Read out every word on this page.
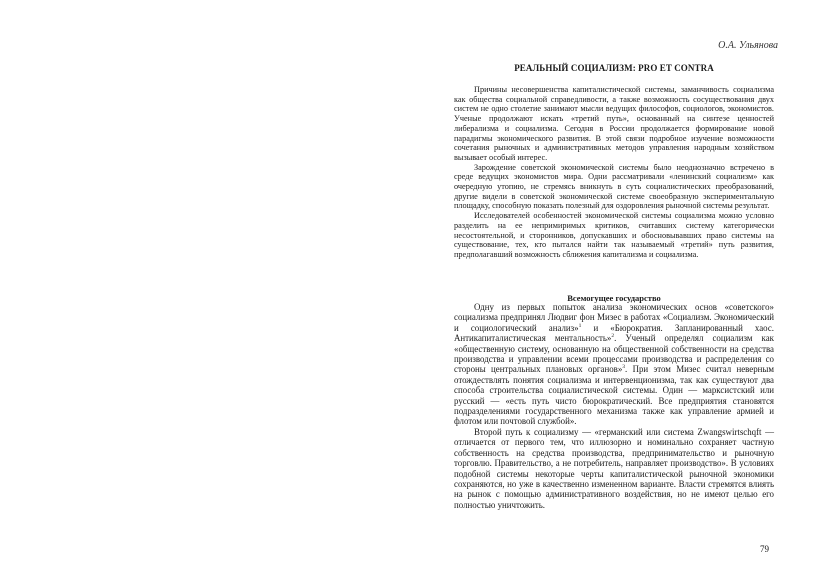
О.А. Ульянова
РЕАЛЬНЫЙ СОЦИАЛИЗМ: PRO ET CONTRA

Причины несовершенства капиталистической системы, заманчивость социализма как общества социальной справедливости, а также возможность сосуществования двух систем не одно столетие занимают мысли ведущих философов, социологов, экономистов. Ученые продолжают искать «третий путь», основанный на синтезе ценностей либерализма и социализма. Сегодня в России продолжается формирование новой парадигмы экономического развития. В этой связи подробное изучение возможности сочетания рыночных и административных методов управления народным хозяйством вызывает особый интерес.

Зарождение советской экономической системы было неоднозначно встречено в среде ведущих экономистов мира. Одни рассматривали «ленинский социализм» как очередную утопию, не стремясь вникнуть в суть социалистических преобразований, другие видели в советской экономической системе своеобразную экспериментальную площадку, способную показать полезный для оздоровления рыночной системы результат.

Исследователей особенностей экономической системы социализма можно условно разделить на ее непримиримых критиков, считавших систему категорически несостоятельной, и сторонников, допускавших и обосновывавших право системы на существование, тех, кто пытался найти так называемый «третий» путь развития, предполагавший возможность сближения капитализма и социализма.

Всемогущее государство

Одну из первых попыток анализа экономических основ «советского» социализма предпринял Людвиг фон Мизес в работах «Социализм. Экономический и социологический анализ»$^1$ и «Бюрократия. Запланированный хаос. Антикапиталистическая ментальность»$^2$. Ученый определял социализм как «общественную систему, основанную на общественной собственности на средства производства и управлении всеми процессами производства и распределения со стороны центральных плановых органов»$^3$. При этом Мизес считал неверным отождествлять понятия социализма и интервенционизма, так как существуют два способа строительства социалистической системы. Один — марксистский или русский — «есть путь чисто бюрократический. Все предприятия становятся подразделениями государственного механизма также как управление армией и флотом или почтовой службой».

Второй путь к социализму — «германский или система Zwangswirtschqft — отличается от первого тем, что иллюзорно и номинально сохраняет частную собственность на средства производства, предпринимательство и рыночную торговлю. Правительство, а не потребитель, направляет производство». В условиях подобной системы некоторые черты капиталистической рыночной экономики сохраняются, но уже в качественно измененном варианте. Власти стремятся влиять на рынок с помощью административного воздействия, но не имеют целью его полностью уничтожить.

79
